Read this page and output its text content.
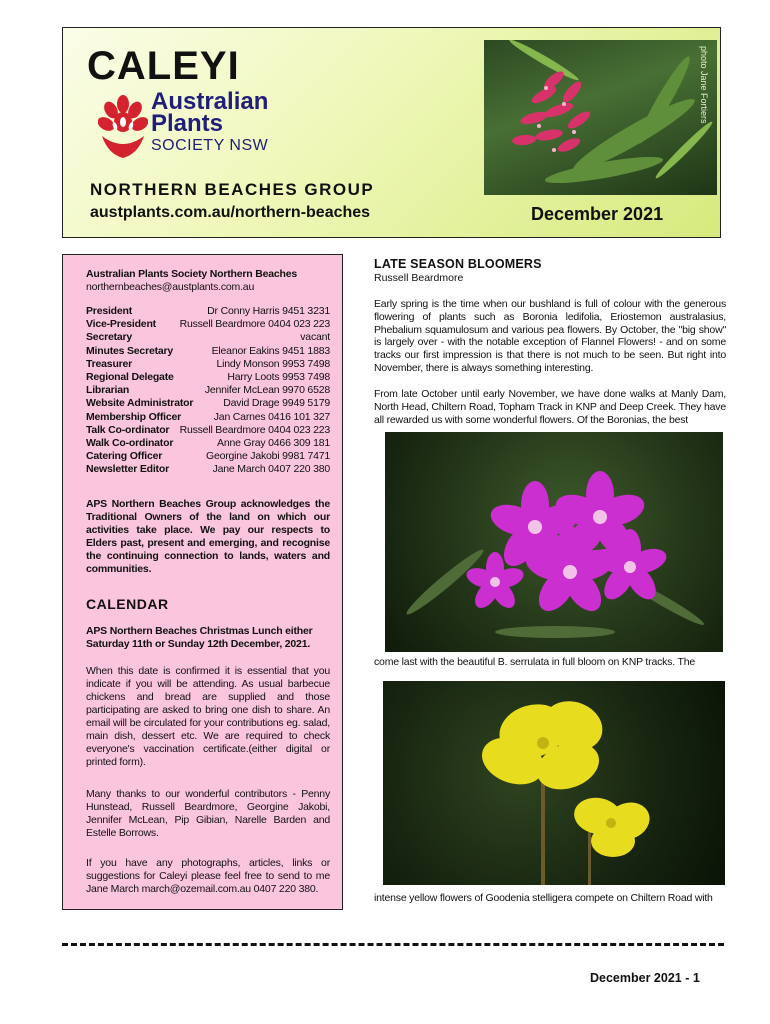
photo Jane Fortiers
CALEYI
Australian
Plants
SOCIETY NSW
NORTHERN BEACHES GROUP
austplants.com.au/northern-beaches	December 2021
Australian Plants Society Northern Beaches
northernbeaches@austplants.com.au
President	Dr Conny Harris 9451 3231
Vice-President Russell Beardmore 0404 023 223
Secretary	vacant
Minutes Secretary	Eleanor Eakins 9451 1883
Treasurer	Lindy Monson 9953 7498
Regional Delegate	Harry Loots 9953 7498
Librarian	Jennifer McLean 9970 6528
Website Administrator	David Drage 9949 5179
Membership Officer	Jan Carnes 0416 101 327
Talk Co-ordinator Russell Beardmore 0404 023 223
Walk Co-ordinator	Anne Gray 0466 309 181
Catering Officer	Georgine Jakobi 9981 7471
Newsletter Editor	Jane March 0407 220 380
APS Northern Beaches Group acknowledges the Traditional Owners of the land on which our activities take place. We pay our respects to Elders past, present and emerging, and recognise the continuing connection to lands, waters and communities.
CALENDAR
APS Northern Beaches Christmas Lunch either Saturday 11th or Sunday 12th December, 2021.
When this date is confirmed it is essential that you indicate if you will be attending. As usual barbecue chickens and bread are supplied and those participating are asked to bring one dish to share. An email will be circulated for your contributions eg. salad, main dish, dessert etc. We are required to check everyone's vaccination certificate.(either digital or printed form).
Many thanks to our wonderful contributors - Penny Hunstead, Russell Beardmore, Georgine Jakobi, Jennifer McLean, Pip Gibian, Narelle Barden and Estelle Borrows.
If you have any photographs, articles, links or suggestions for Caleyi please feel free to send to me Jane March march@ozemail.com.au 0407 220 380.
LATE SEASON BLOOMERS
Russell Beardmore
Early spring is the time when our bushland is full of colour with the generous flowering of plants such as Boronia ledifolia, Eriostemon australasius, Phebalium squamulosum and various pea flowers. By October, the "big show" is largely over - with the notable exception of Flannel Flowers! - and on some tracks our first impression is that there is not much to be seen. But right into November, there is always something interesting.
From late October until early November, we have done walks at Manly Dam, North Head, Chiltern Road, Topham Track in KNP and Deep Creek. They have all rewarded us with some wonderful flowers. Of the Boronias, the best
come last with the beautiful B. serrulata in full bloom on KNP tracks. The
intense yellow flowers of Goodenia stelligera compete on Chiltern Road with
December 2021 - 1
